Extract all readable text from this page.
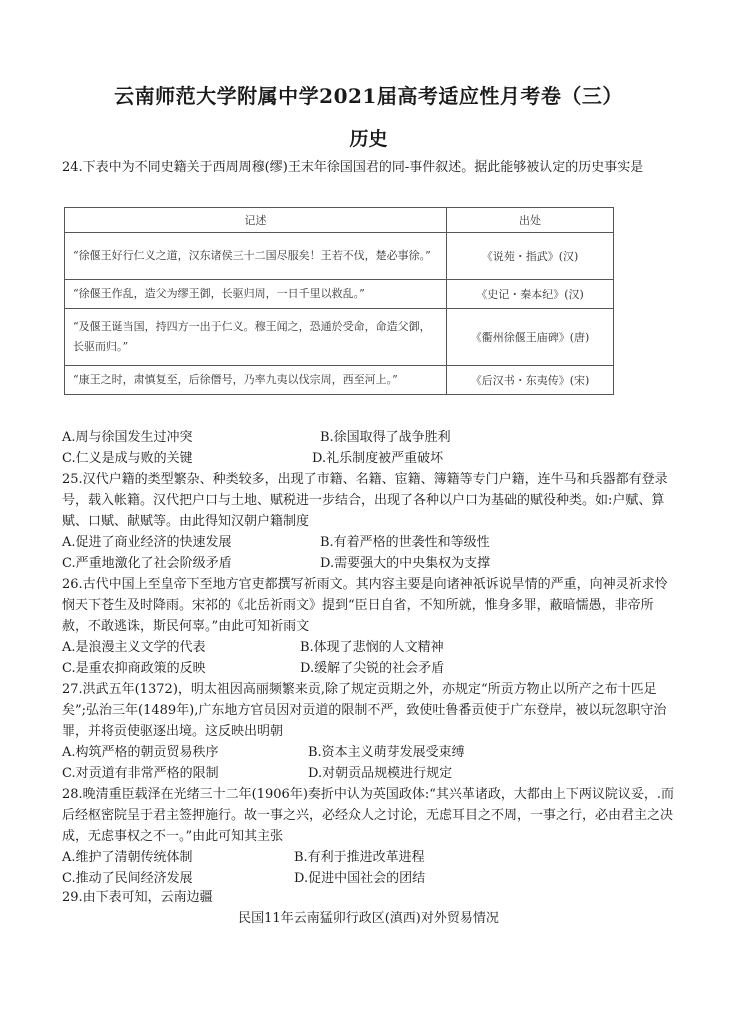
云南师范大学附属中学2021届高考适应性月考卷（三）
历史
24.下表中为不同史籍关于西周周穆(缪)王末年徐国国君的同-事件叙述。据此能够被认定的历史事实是
记述	出处
“徐偃王好行仁义之道，汉东诸侯三十二国尽服矣！王若不伐，楚必事徐。”	《说苑・指武》(汉)
“徐偃王作乱，造父为缪王御，长驱归周，一日千里以救乱。”	《史记・秦本纪》(汉)
“及偃王诞当国，持四方一出于仁义。穆王闻之，恐通於受命，命造父御，长驱而归。”	《衢州徐偃王庙碑》(唐)
“康王之时，肃慎复至，后徐僭号，乃率九夷以伐宗周，西至河上。”	《后汉书・东夷传》(宋)
A.周与徐国发生过冲突	B.徐国取得了战争胜利
C.仁义是成与败的关键	D.礼乐制度被严重破坏
25.汉代户籍的类型繁杂、种类较多，出现了市籍、名籍、宦籍、簿籍等专门户籍，连牛马和兵器都有登录号，载入帐籍。汉代把户口与土地、赋税进一步结合，出现了各种以户口为基础的赋役种类。如:户赋、算赋、口赋、献赋等。由此得知汉朝户籍制度
A.促进了商业经济的快速发展	B.有着严格的世袭性和等级性
C.严重地激化了社会阶级矛盾	D.需要强大的中央集权为支撑
26.古代中国上至皇帝下至地方官吏都撰写祈雨文。其内容主要是向诸神祇诉说旱情的严重，向神灵祈求怜悯天下苍生及时降雨。宋祁的《北岳祈雨文》提到“臣日自省，不知所就，惟身多罪，蔽暗懦愚，非帝所赦，不敢逃诛，斯民何辜。”由此可知祈雨文
A.是浪漫主义文学的代表	B.体现了悲悯的人文精神
C.是重农抑商政策的反映	D.缓解了尖锐的社会矛盾
27.洪武五年(1372)，明太祖因高丽频繁来贡,除了规定贡期之外，亦规定“所贡方物止以所产之布十匹足矣”;弘治三年(1489年),广东地方官员因对贡道的限制不严，致使吐鲁番贡使于广东登岸，被以玩忽职守治罪，并将贡使驱逐出境。这反映出明朝
A.构筑严格的朝贡贸易秩序	B.资本主义萌芽发展受束缚
C.对贡道有非常严格的限制	D.对朝贡品规模进行规定
28.晚清重臣载泽在光绪三十二年(1906年)奏折中认为英国政体:“其兴革诸政，大都由上下两议院议妥，.而后经枢密院呈于君主签押施行。故一事之兴，必经众人之讨论，无虑耳目之不周，一事之行，必由君主之决成，无虑事权之不一。”由此可知其主张
A.维护了清朝传统体制	B.有利于推进改革进程
C.推动了民间经济发展	D.促进中国社会的团结
29.由下表可知，云南边疆
民国11年云南猛卯行政区(滇西)对外贸易情况
